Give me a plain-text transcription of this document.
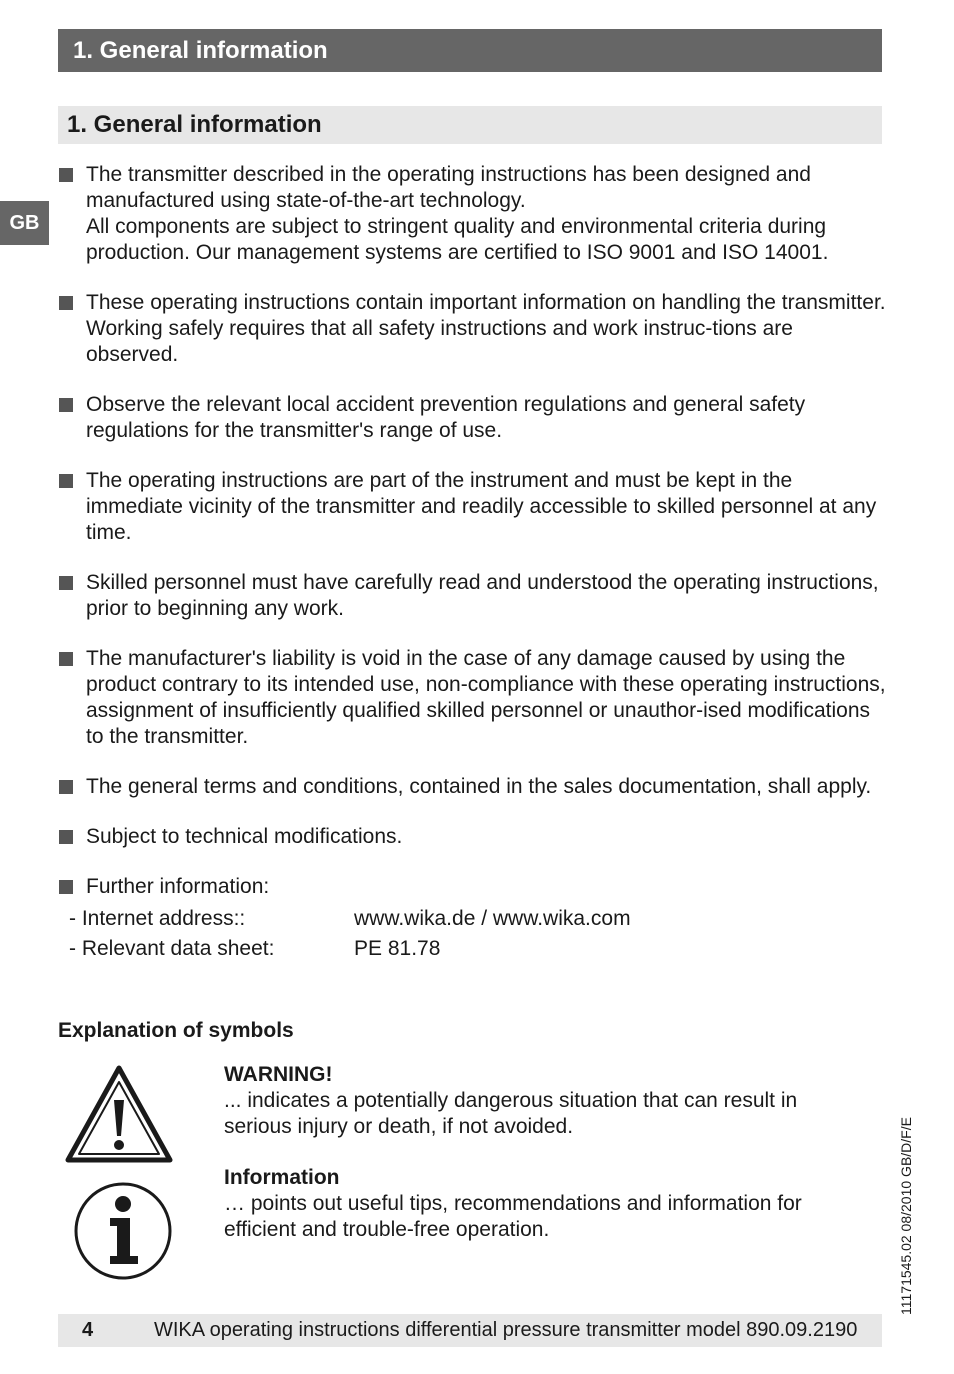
1. General information
1. General information
GB

The transmitter described in the operating instructions has been designed and manufactured using state-of-the-art technology.

All components are subject to stringent quality and environmental criteria during production. Our management systems are certified to ISO 9001 and ISO 14001.

These operating instructions contain important information on handling the transmitter. Working safely requires that all safety instructions and work instruc-tions are observed.

Observe the relevant local accident prevention regulations and general safety regulations for the transmitter's range of use.

The operating instructions are part of the instrument and must be kept in the immediate vicinity of the transmitter and readily accessible to skilled personnel at any time.

Skilled personnel must have carefully read and understood the operating instructions, prior to beginning any work.

The manufacturer's liability is void in the case of any damage caused by using the product contrary to its intended use, non-compliance with these operating instructions, assignment of insufficiently qualified skilled personnel or unauthor-ised modifications to the transmitter.

The general terms and conditions, contained in the sales documentation, shall apply.

Subject to technical modifications.

Further information:

- Internet address::	www.wika.de / www.wika.com
- Relevant data sheet:	PE 81.78
Explanation of symbols
WARNING!
... indicates a potentially dangerous situation that can result in serious injury or death, if not avoided.
Information
… points out useful tips, recommendations and information for efficient and trouble-free operation.	11171545.02 08/2010 GB/D/F/E
4	WIKA operating instructions differential pressure transmitter model 890.09.2190
